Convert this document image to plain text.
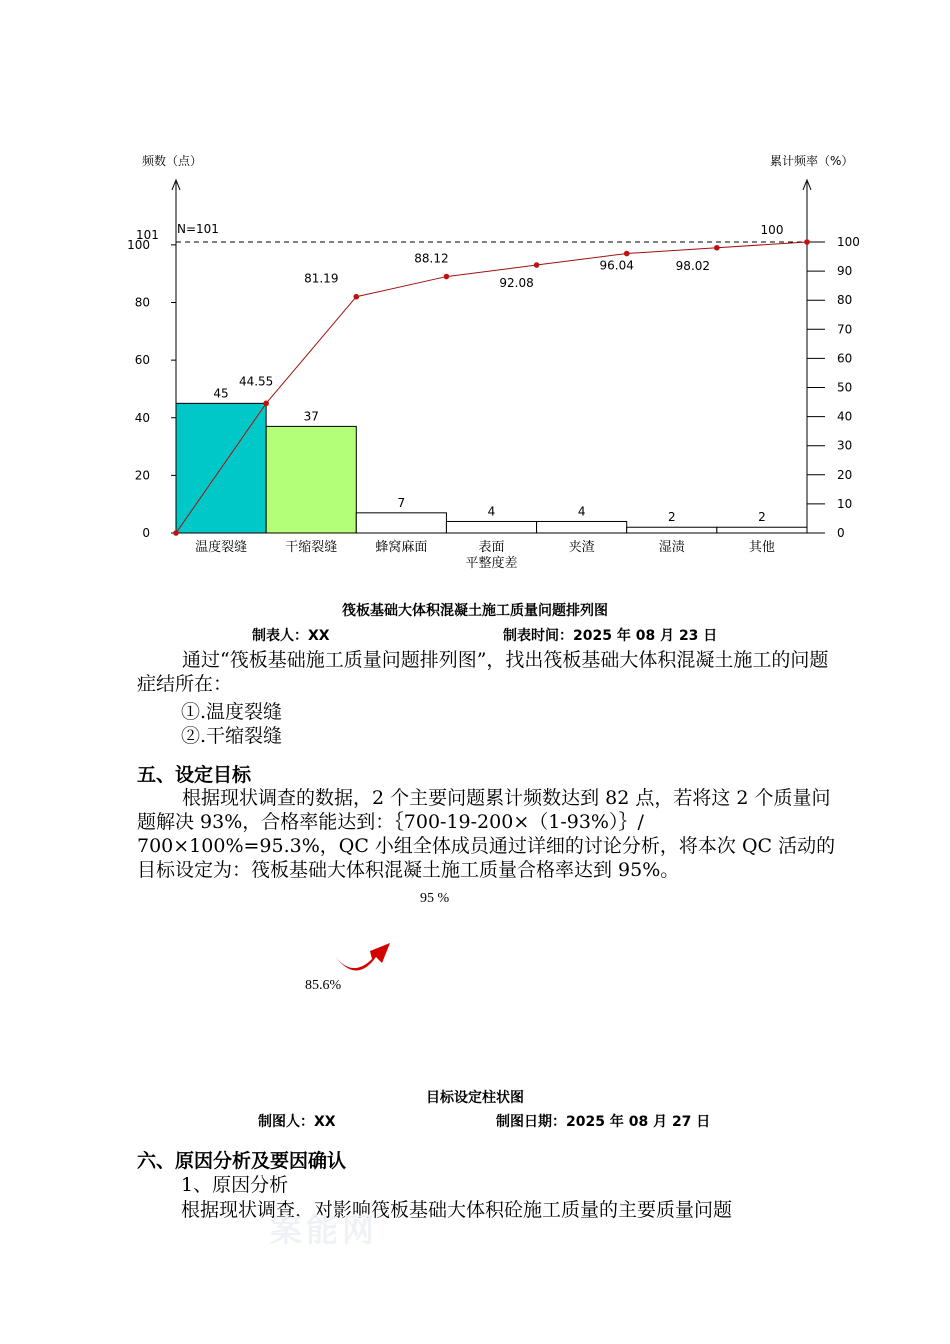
频数（点）	累计频率（%）
N=101
101
0
20
40
60
80
100
0
10
20
30
40
50
60
70
80
90
100
45
温度裂缝
37
干缩裂缝
7
蜂窝麻面
4
表面
平整度差
4
夹渣
2
湿渍
2
其他
44.55
81.19
88.12
92.08
96.04	98.02
100
筏板基础大体积混凝土施工质量问题排列图
制表人：XX	制表时间：2025 年 08 月 23 日
通过“筏板基础施工质量问题排列图”，找出筏板基础大体积混凝土施工的问题症结所在：
①.温度裂缝
②.干缩裂缝
五、设定目标
根据现状调查的数据，2 个主要问题累计频数达到 82 点，若将这 2 个质量问题解决 93%，合格率能达到：｛700-19-200×（1-93%）｝/ 700×100%=95.3%，QC 小组全体成员通过详细的讨论分析，将本次 QC 活动的目标设定为：筏板基础大体积混凝土施工质量合格率达到 95%。
95 %
85.6%
目标设定柱状图
制图人：XX	制图日期：2025 年 08 月 27 日
六、原因分析及要因确认
1、原因分析
根据现状调查，对影响筏板基础大体积砼施工质量的主要质量问题
案能网
